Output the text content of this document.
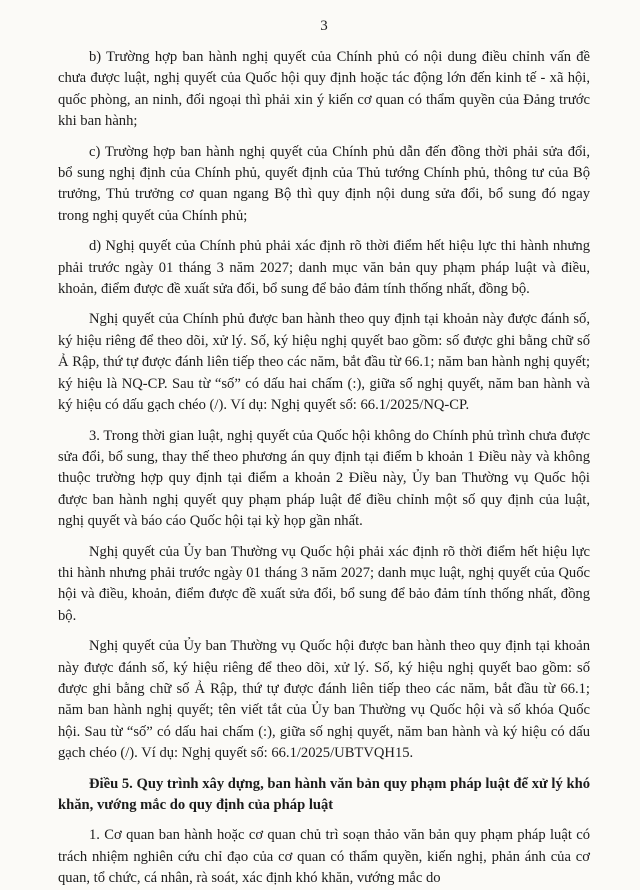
3

b) Trường hợp ban hành nghị quyết của Chính phủ có nội dung điều chỉnh vấn đề chưa được luật, nghị quyết của Quốc hội quy định hoặc tác động lớn đến kinh tế - xã hội, quốc phòng, an ninh, đối ngoại thì phải xin ý kiến cơ quan có thẩm quyền của Đảng trước khi ban hành;

c) Trường hợp ban hành nghị quyết của Chính phủ dẫn đến đồng thời phải sửa đổi, bổ sung nghị định của Chính phủ, quyết định của Thủ tướng Chính phủ, thông tư của Bộ trưởng, Thủ trưởng cơ quan ngang Bộ thì quy định nội dung sửa đổi, bổ sung đó ngay trong nghị quyết của Chính phủ;

d) Nghị quyết của Chính phủ phải xác định rõ thời điểm hết hiệu lực thi hành nhưng phải trước ngày 01 tháng 3 năm 2027; danh mục văn bản quy phạm pháp luật và điều, khoản, điểm được đề xuất sửa đổi, bổ sung để bảo đảm tính thống nhất, đồng bộ.

Nghị quyết của Chính phủ được ban hành theo quy định tại khoản này được đánh số, ký hiệu riêng để theo dõi, xử lý. Số, ký hiệu nghị quyết bao gồm: số được ghi bằng chữ số Ả Rập, thứ tự được đánh liên tiếp theo các năm, bắt đầu từ 66.1; năm ban hành nghị quyết; ký hiệu là NQ-CP. Sau từ “số” có dấu hai chấm (:), giữa số nghị quyết, năm ban hành và ký hiệu có dấu gạch chéo (/). Ví dụ: Nghị quyết số: 66.1/2025/NQ-CP.

3. Trong thời gian luật, nghị quyết của Quốc hội không do Chính phủ trình chưa được sửa đổi, bổ sung, thay thế theo phương án quy định tại điểm b khoản 1 Điều này và không thuộc trường hợp quy định tại điểm a khoản 2 Điều này, Ủy ban Thường vụ Quốc hội được ban hành nghị quyết quy phạm pháp luật để điều chỉnh một số quy định của luật, nghị quyết và báo cáo Quốc hội tại kỳ họp gần nhất.

Nghị quyết của Ủy ban Thường vụ Quốc hội phải xác định rõ thời điểm hết hiệu lực thi hành nhưng phải trước ngày 01 tháng 3 năm 2027; danh mục luật, nghị quyết của Quốc hội và điều, khoản, điểm được đề xuất sửa đổi, bổ sung để bảo đảm tính thống nhất, đồng bộ.

Nghị quyết của Ủy ban Thường vụ Quốc hội được ban hành theo quy định tại khoản này được đánh số, ký hiệu riêng để theo dõi, xử lý. Số, ký hiệu nghị quyết bao gồm: số được ghi bằng chữ số Ả Rập, thứ tự được đánh liên tiếp theo các năm, bắt đầu từ 66.1; năm ban hành nghị quyết; tên viết tắt của Ủy ban Thường vụ Quốc hội và số khóa Quốc hội. Sau từ “số” có dấu hai chấm (:), giữa số nghị quyết, năm ban hành và ký hiệu có dấu gạch chéo (/). Ví dụ: Nghị quyết số: 66.1/2025/UBTVQH15.

Điều 5. Quy trình xây dựng, ban hành văn bản quy phạm pháp luật để xử lý khó khăn, vướng mắc do quy định của pháp luật

1. Cơ quan ban hành hoặc cơ quan chủ trì soạn thảo văn bản quy phạm pháp luật có trách nhiệm nghiên cứu chỉ đạo của cơ quan có thẩm quyền, kiến nghị, phản ánh của cơ quan, tổ chức, cá nhân, rà soát, xác định khó khăn, vướng mắc do
